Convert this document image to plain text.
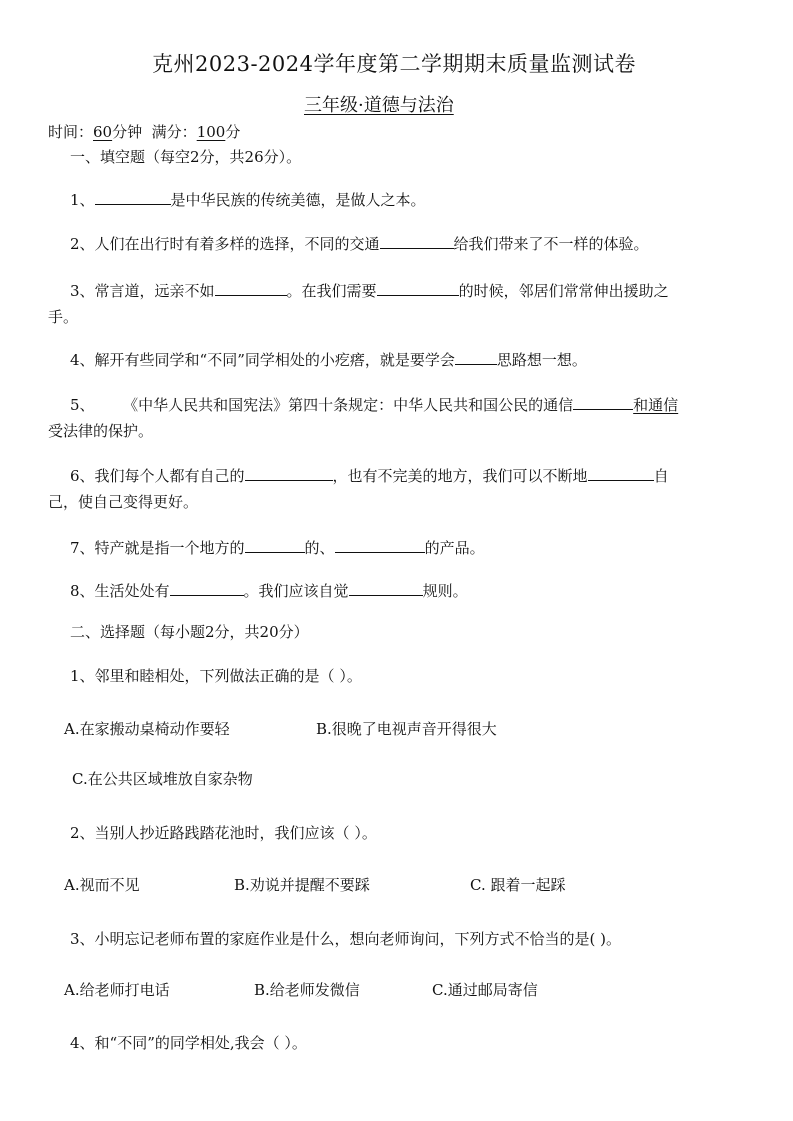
克州2023-2024学年度第二学期期末质量监测试卷
三年级·道德与法治
时间：60分钟 满分：100分
一、填空题（每空2分，共26分）。
1、	是中华民族的传统美德，是做人之本。
2、人们在出行时有着多样的选择，不同的交通	给我们带来了不一样的体验。
3、常言道，远亲不如	。在我们需要	的时候，邻居们常常伸出援助之
手。
4、解开有些同学和“不同”同学相处的小疙瘩，就是要学会	思路想一想。
5、 《中华人民共和国宪法》第四十条规定：中华人民共和国公民的通信	和通信
受法律的保护。
6、我们每个人都有自己的	，也有不完美的地方，我们可以不断地	自
己，使自己变得更好。
7、特产就是指一个地方的	的、	的产品。
8、生活处处有	。我们应该自觉	规则。
二、选择题（每小题2分，共20分）
1、邻里和睦相处，下列做法正确的是（ ）。
A.在家搬动桌椅动作要轻	B.很晚了电视声音开得很大
C.在公共区域堆放自家杂物
2、当别人抄近路践踏花池时，我们应该（ ）。
A.视而不见	B.劝说并提醒不要踩	C. 跟着一起踩
3、小明忘记老师布置的家庭作业是什么，想向老师询问，下列方式不恰当的是( )。
A.给老师打电话	B.给老师发微信	C.通过邮局寄信
4、和“不同”的同学相处,我会（ ）。
